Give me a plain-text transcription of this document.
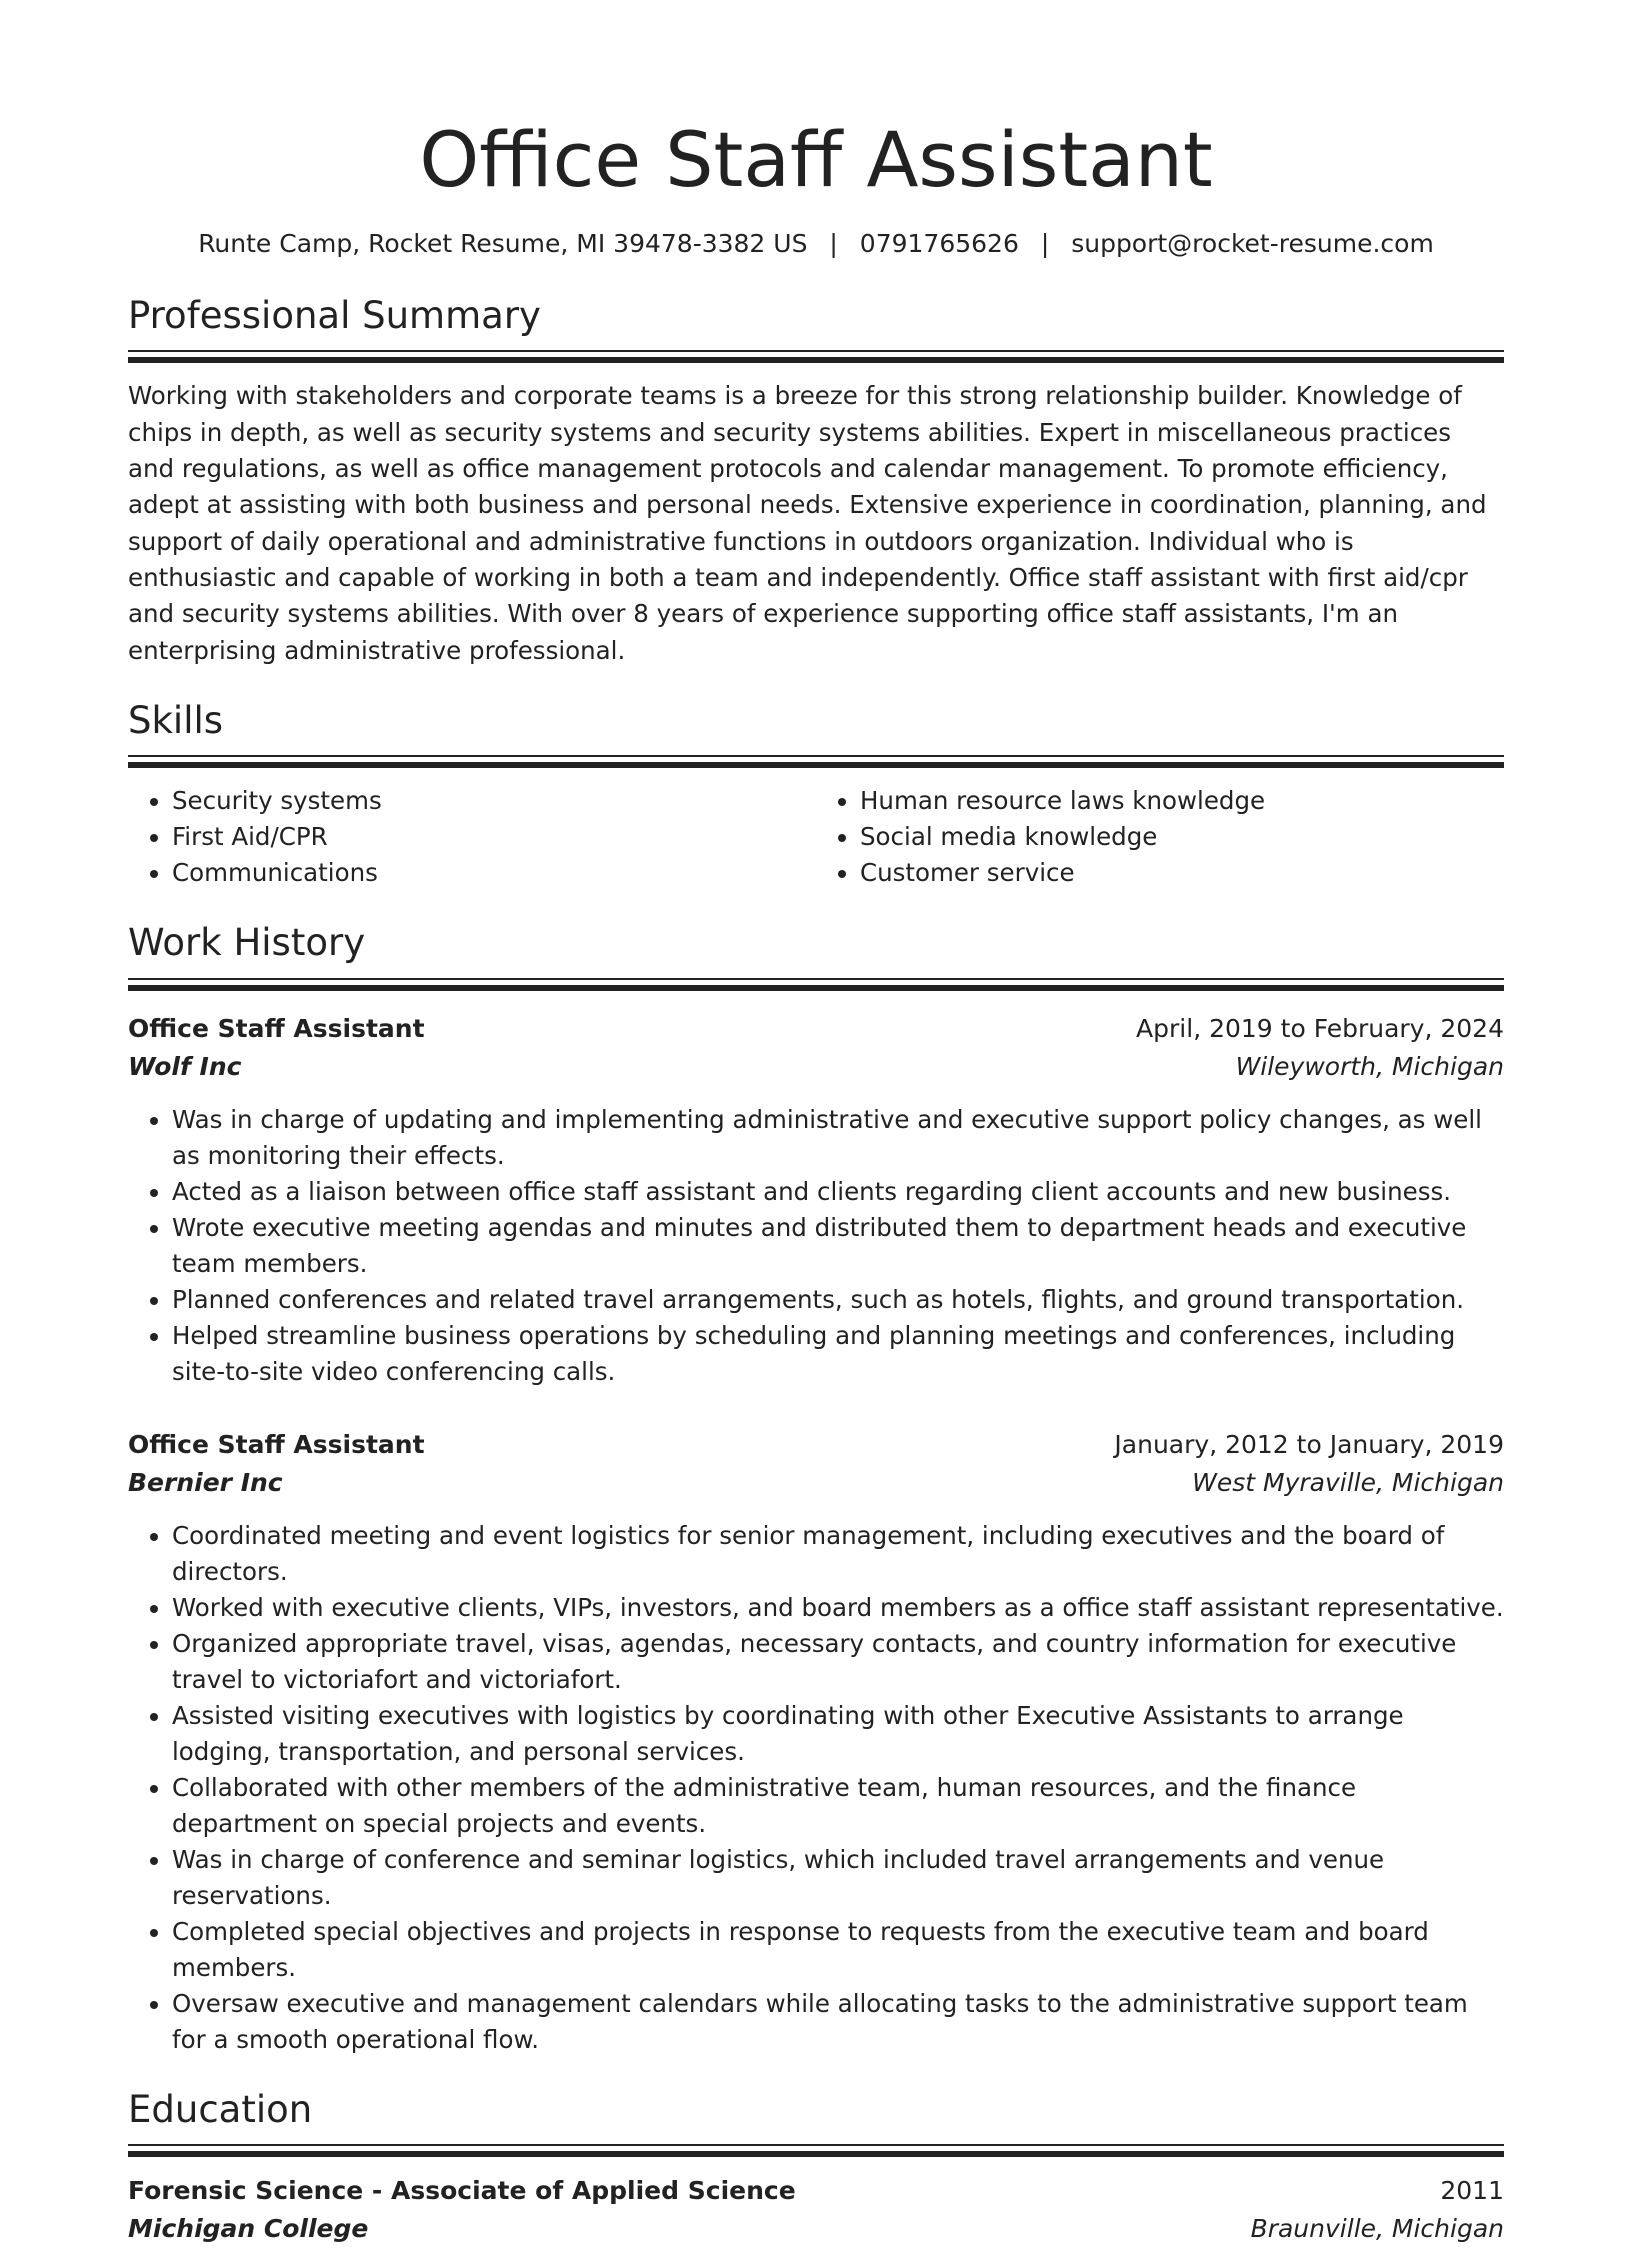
Office Staff Assistant
Runte Camp, Rocket Resume, MI 39478-3382 US | 0791765626 | support@rocket-resume.com
Professional Summary
Working with stakeholders and corporate teams is a breeze for this strong relationship builder. Knowledge of chips in depth, as well as security systems and security systems abilities. Expert in miscellaneous practices and regulations, as well as office management protocols and calendar management. To promote efficiency, adept at assisting with both business and personal needs. Extensive experience in coordination, planning, and support of daily operational and administrative functions in outdoors organization. Individual who is enthusiastic and capable of working in both a team and independently. Office staff assistant with first aid/cpr and security systems abilities. With over 8 years of experience supporting office staff assistants, I'm an enterprising administrative professional.
Skills
• Security systems
• First Aid/CPR
• Communications
• Human resource laws knowledge
• Social media knowledge
• Customer service
Work History
Office Staff Assistant	April, 2019 to February, 2024
Wolf Inc	Wileyworth, Michigan
• Was in charge of updating and implementing administrative and executive support policy changes, as well as monitoring their effects.
• Acted as a liaison between office staff assistant and clients regarding client accounts and new business.
• Wrote executive meeting agendas and minutes and distributed them to department heads and executive team members.
• Planned conferences and related travel arrangements, such as hotels, flights, and ground transportation.
• Helped streamline business operations by scheduling and planning meetings and conferences, including site-to-site video conferencing calls.
Office Staff Assistant	January, 2012 to January, 2019
Bernier Inc	West Myraville, Michigan
• Coordinated meeting and event logistics for senior management, including executives and the board of directors.
• Worked with executive clients, VIPs, investors, and board members as a office staff assistant representative.
• Organized appropriate travel, visas, agendas, necessary contacts, and country information for executive travel to victoriafort and victoriafort.
• Assisted visiting executives with logistics by coordinating with other Executive Assistants to arrange lodging, transportation, and personal services.
• Collaborated with other members of the administrative team, human resources, and the finance department on special projects and events.
• Was in charge of conference and seminar logistics, which included travel arrangements and venue reservations.
• Completed special objectives and projects in response to requests from the executive team and board members.
• Oversaw executive and management calendars while allocating tasks to the administrative support team for a smooth operational flow.
Education
Forensic Science - Associate of Applied Science	2011
Michigan College	Braunville, Michigan
